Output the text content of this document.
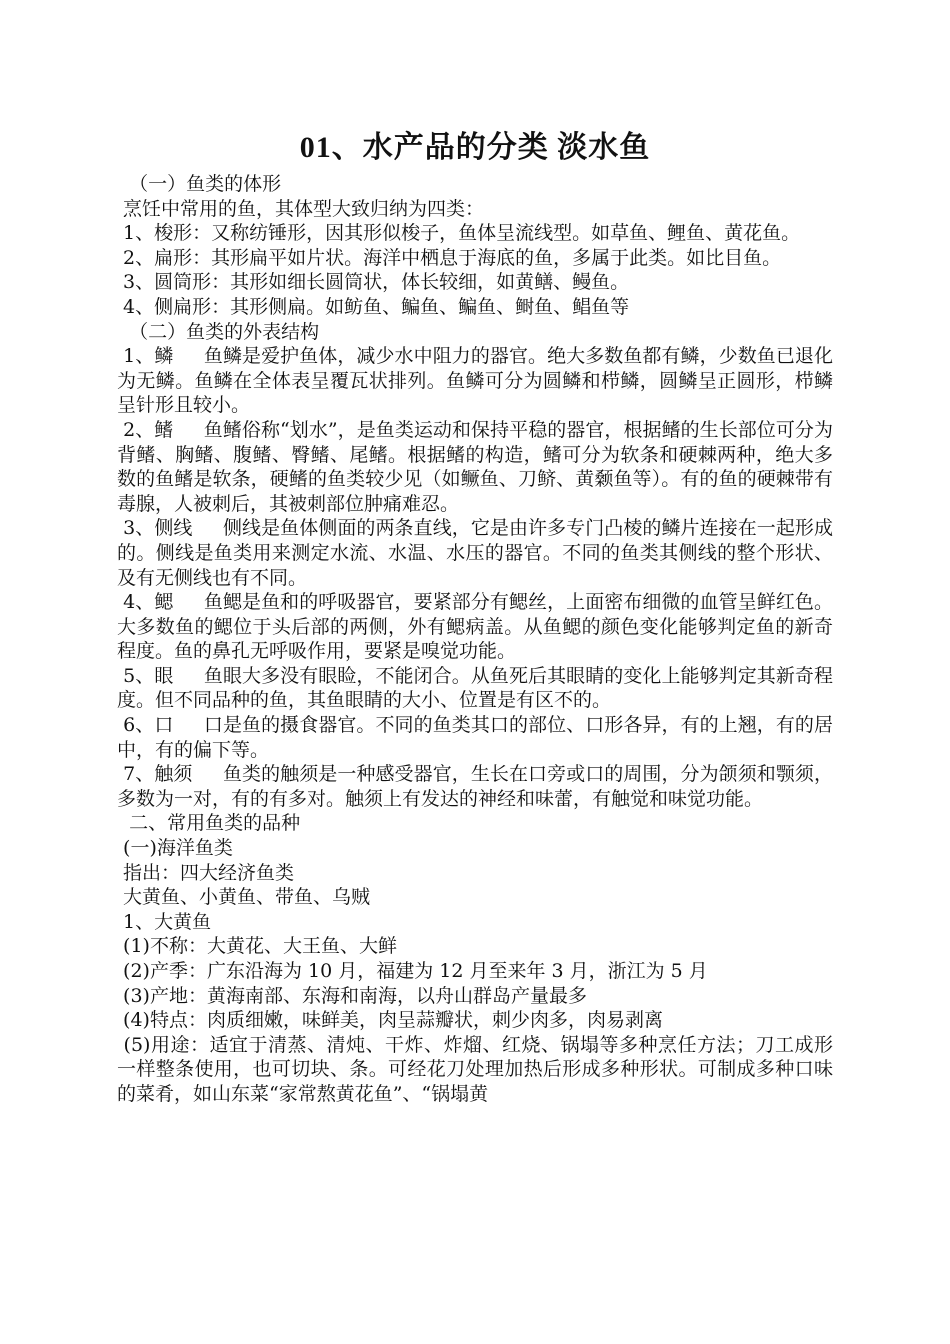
01、水产品的分类 淡水鱼

（一）鱼类的体形

烹饪中常用的鱼，其体型大致归纳为四类：

1、梭形：又称纺锤形，因其形似梭子，鱼体呈流线型。如草鱼、鲤鱼、黄花鱼。

2、扁形：其形扁平如片状。海洋中栖息于海底的鱼，多属于此类。如比目鱼。

3、圆筒形：其形如细长圆筒状，体长较细，如黄鳝、鳗鱼。

4、侧扁形：其形侧扁。如鲂鱼、鳊鱼、鳊鱼、鲥鱼、鲳鱼等

（二）鱼类的外表结构

1、鳞     鱼鳞是爱护鱼体，减少水中阻力的器官。绝大多数鱼都有鳞，少数鱼已退化为无鳞。鱼鳞在全体表呈覆瓦状排列。鱼鳞可分为圆鳞和栉鳞，圆鳞呈正圆形，栉鳞呈针形且较小。

2、鳍     鱼鳍俗称“划水”，是鱼类运动和保持平稳的器官，根据鳍的生长部位可分为背鳍、胸鳍、腹鳍、臀鳍、尾鳍。根据鳍的构造，鳍可分为软条和硬棘两种，绝大多数的鱼鳍是软条，硬鳍的鱼类较少见（如鳜鱼、刀鲚、黄颡鱼等）。有的鱼的硬棘带有毒腺，人被刺后，其被刺部位肿痛难忍。

3、侧线     侧线是鱼体侧面的两条直线，它是由许多专门凸棱的鳞片连接在一起形成的。侧线是鱼类用来测定水流、水温、水压的器官。不同的鱼类其侧线的整个形状、及有无侧线也有不同。

4、鳃     鱼鳃是鱼和的呼吸器官，要紧部分有鳃丝，上面密布细微的血管呈鲜红色。大多数鱼的鳃位于头后部的两侧，外有鳃病盖。从鱼鳃的颜色变化能够判定鱼的新奇程度。鱼的鼻孔无呼吸作用，要紧是嗅觉功能。

5、眼     鱼眼大多没有眼睑，不能闭合。从鱼死后其眼睛的变化上能够判定其新奇程度。但不同品种的鱼，其鱼眼睛的大小、位置是有区不的。

6、口     口是鱼的摄食器官。不同的鱼类其口的部位、口形各异，有的上翘，有的居中，有的偏下等。

7、触须     鱼类的触须是一种感受器官，生长在口旁或口的周围，分为颌须和颚须，多数为一对，有的有多对。触须上有发达的神经和味蕾，有触觉和味觉功能。

二、常用鱼类的品种

(一)海洋鱼类

指出：四大经济鱼类

大黄鱼、小黄鱼、带鱼、乌贼

1、大黄鱼

(1)不称：大黄花、大王鱼、大鲜

(2)产季：广东沿海为 10 月，福建为 12 月至来年 3 月，浙江为 5 月

(3)产地：黄海南部、东海和南海，以舟山群岛产量最多

(4)特点：肉质细嫩，味鲜美，肉呈蒜瓣状，刺少肉多，肉易剥离

(5)用途：适宜于清蒸、清炖、干炸、炸熘、红烧、锅塌等多种烹任方法；刀工成形一样整条使用，也可切块、条。可经花刀处理加热后形成多种形状。可制成多种口味的菜肴，如山东菜“家常熬黄花鱼”、“锅塌黄
